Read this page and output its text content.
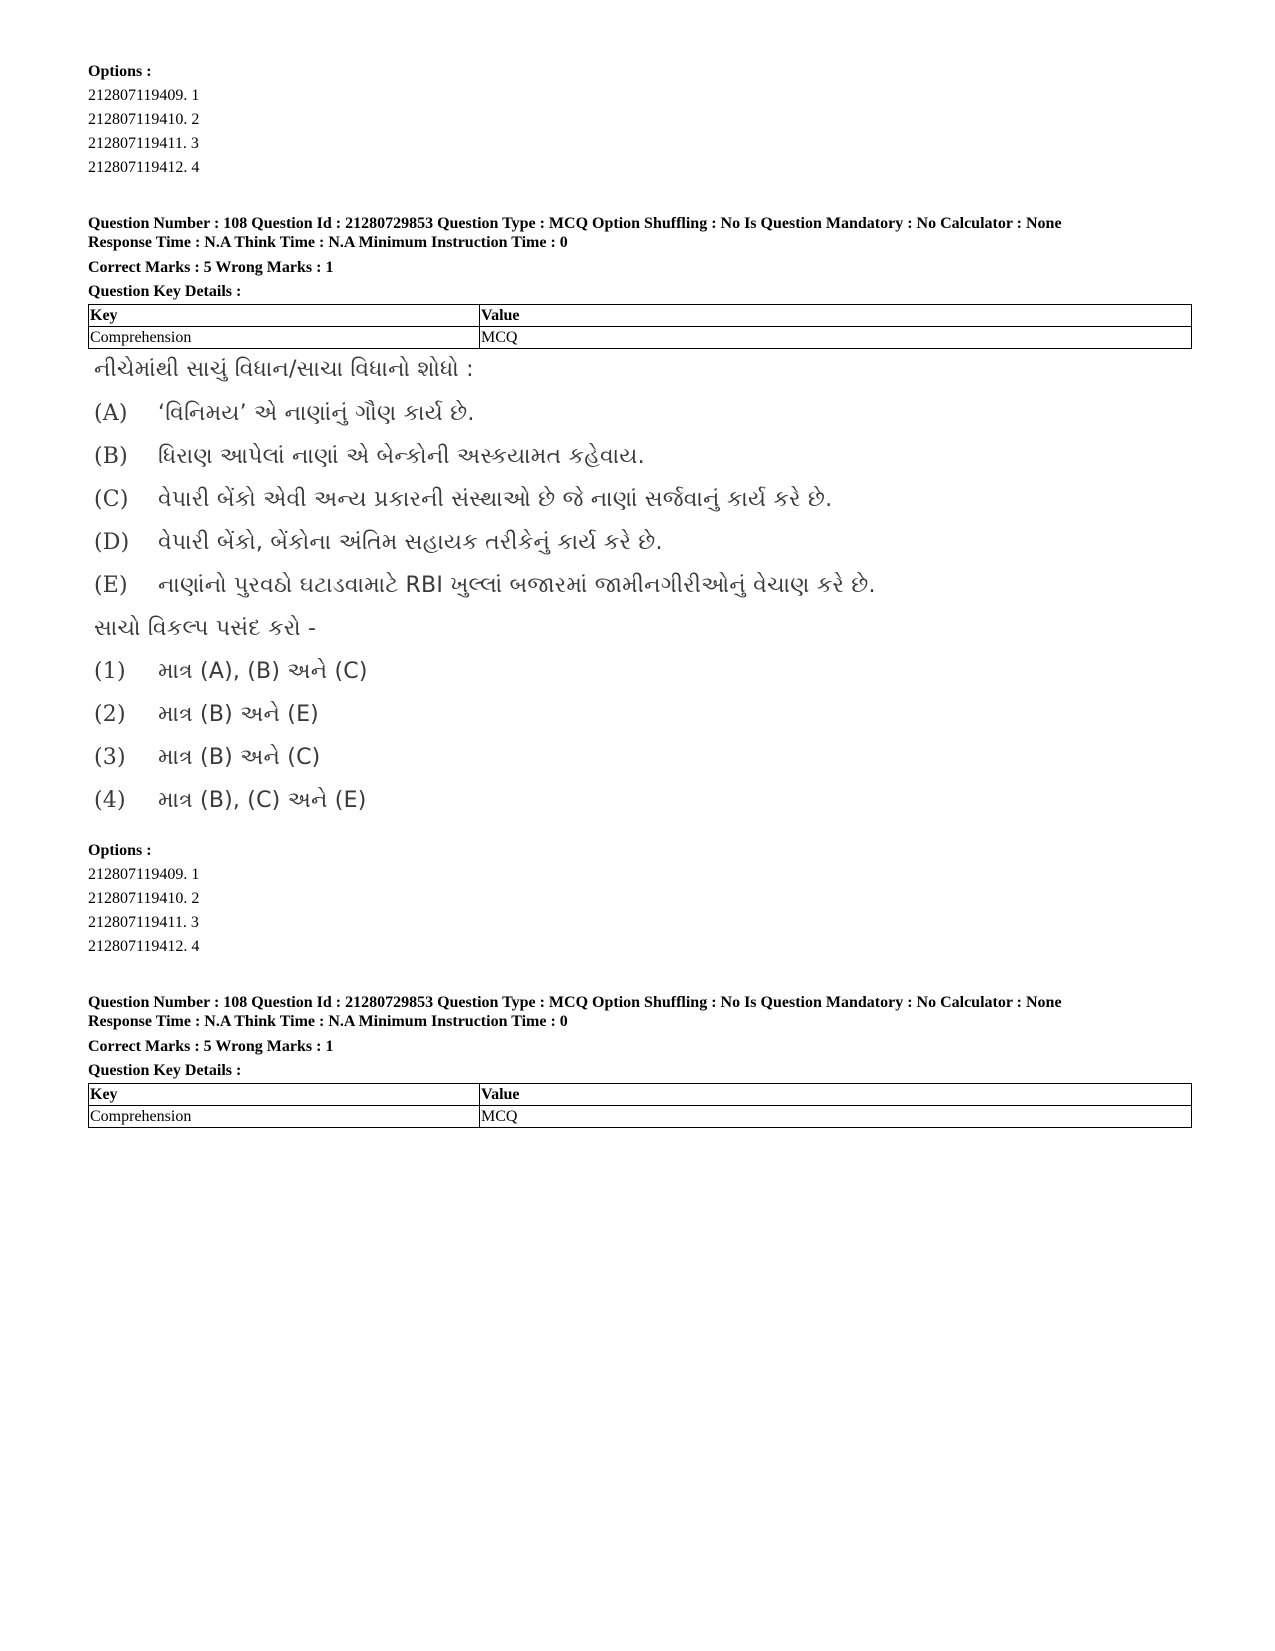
Options :
212807119409. 1
212807119410. 2
212807119411. 3
212807119412. 4
Question Number : 108 Question Id : 21280729853 Question Type : MCQ Option Shuffling : No Is Question Mandatory : No Calculator : None
Response Time : N.A Think Time : N.A Minimum Instruction Time : 0
Correct Marks : 5 Wrong Marks : 1
Question Key Details :
Key	Value
Comprehension	MCQ
નીચેમાંથી સાચું વિધાન/સાચા વિધાનો શોધો :
(A) ‘વિનિમય’ એ નાણાંનું ગૌણ કાર્ય છે.
(B) ધિરાણ આપેલાં નાણાં એ બેન્કોની અસ્કયામત કહેવાય.
(C) વેપારી બેંકો એવી અન્ય પ્રકારની સંસ્થાઓ છે જે નાણાં સર્જવાનું કાર્ય કરે છે.
(D) વેપારી બેંકો, બેંકોના અંતિમ સહાયક તરીકેનું કાર્ય કરે છે.
(E) નાણાંનો પુરવઠો ઘટાડવામાટે RBI ખુલ્લાં બજારમાં જામીનગીરીઓનું વેચાણ કરે છે.
સાચો વિકલ્પ પસંદ કરો -
(1) માત્ર (A), (B) અને (C)
(2) માત્ર (B) અને (E)
(3) માત્ર (B) અને (C)
(4) માત્ર (B), (C) અને (E)
Options :
212807119409. 1
212807119410. 2
212807119411. 3
212807119412. 4
Question Number : 108 Question Id : 21280729853 Question Type : MCQ Option Shuffling : No Is Question Mandatory : No Calculator : None
Response Time : N.A Think Time : N.A Minimum Instruction Time : 0
Correct Marks : 5 Wrong Marks : 1
Question Key Details :
Key	Value
Comprehension	MCQ
